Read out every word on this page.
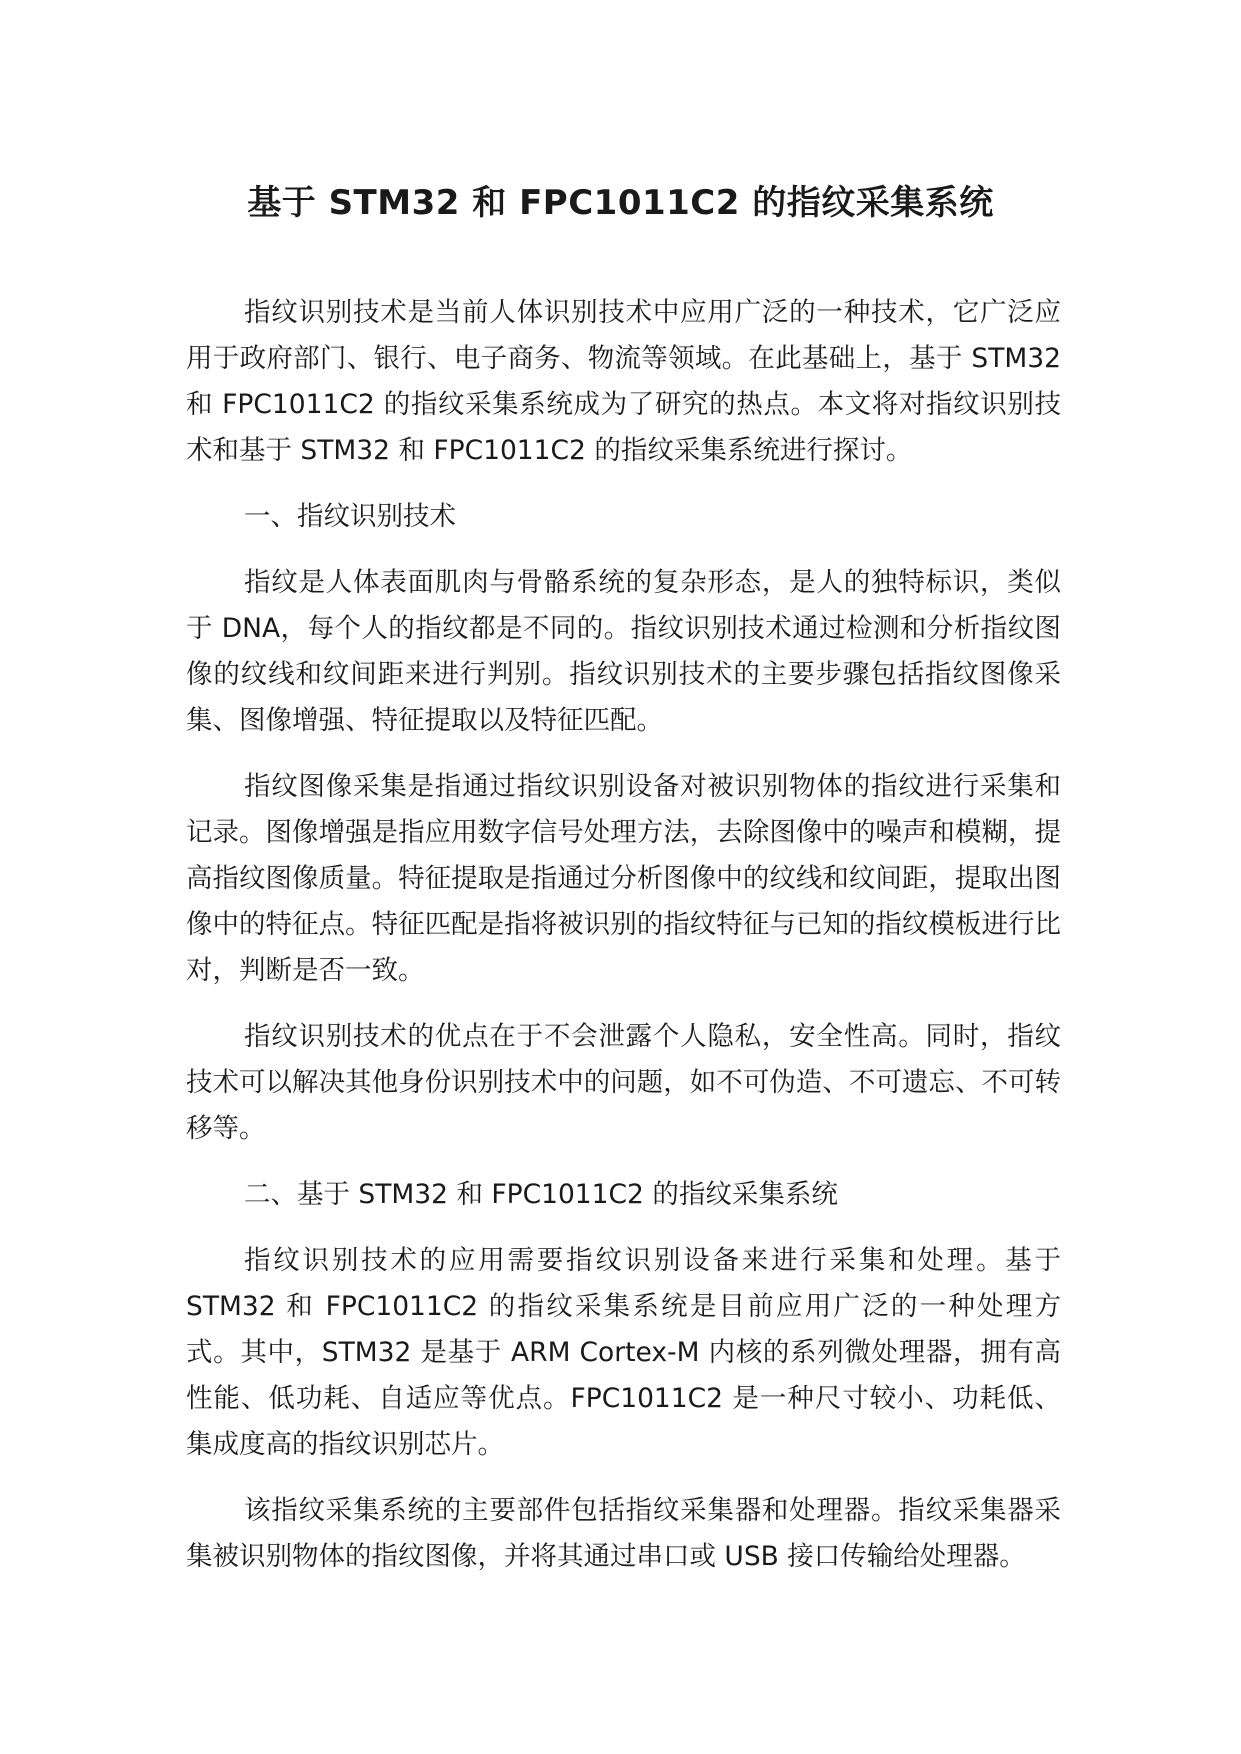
基于 STM32 和 FPC1011C2 的指纹采集系统

指纹识别技术是当前人体识别技术中应用广泛的一种技术，它广泛应用于政府部门、银行、电子商务、物流等领域。在此基础上，基于 STM32 和 FPC1011C2 的指纹采集系统成为了研究的热点。本文将对指纹识别技术和基于 STM32 和 FPC1011C2 的指纹采集系统进行探讨。

一、指纹识别技术

指纹是人体表面肌肉与骨骼系统的复杂形态，是人的独特标识，类似于 DNA，每个人的指纹都是不同的。指纹识别技术通过检测和分析指纹图像的纹线和纹间距来进行判别。指纹识别技术的主要步骤包括指纹图像采集、图像增强、特征提取以及特征匹配。

指纹图像采集是指通过指纹识别设备对被识别物体的指纹进行采集和记录。图像增强是指应用数字信号处理方法，去除图像中的噪声和模糊，提高指纹图像质量。特征提取是指通过分析图像中的纹线和纹间距，提取出图像中的特征点。特征匹配是指将被识别的指纹特征与已知的指纹模板进行比对，判断是否一致。

指纹识别技术的优点在于不会泄露个人隐私，安全性高。同时，指纹技术可以解决其他身份识别技术中的问题，如不可伪造、不可遗忘、不可转移等。

二、基于 STM32 和 FPC1011C2 的指纹采集系统

指纹识别技术的应用需要指纹识别设备来进行采集和处理。基于 STM32 和 FPC1011C2 的指纹采集系统是目前应用广泛的一种处理方式。其中，STM32 是基于 ARM Cortex-M 内核的系列微处理器，拥有高性能、低功耗、自适应等优点。FPC1011C2 是一种尺寸较小、功耗低、集成度高的指纹识别芯片。

该指纹采集系统的主要部件包括指纹采集器和处理器。指纹采集器采集被识别物体的指纹图像，并将其通过串口或 USB 接口传输给处理器。
